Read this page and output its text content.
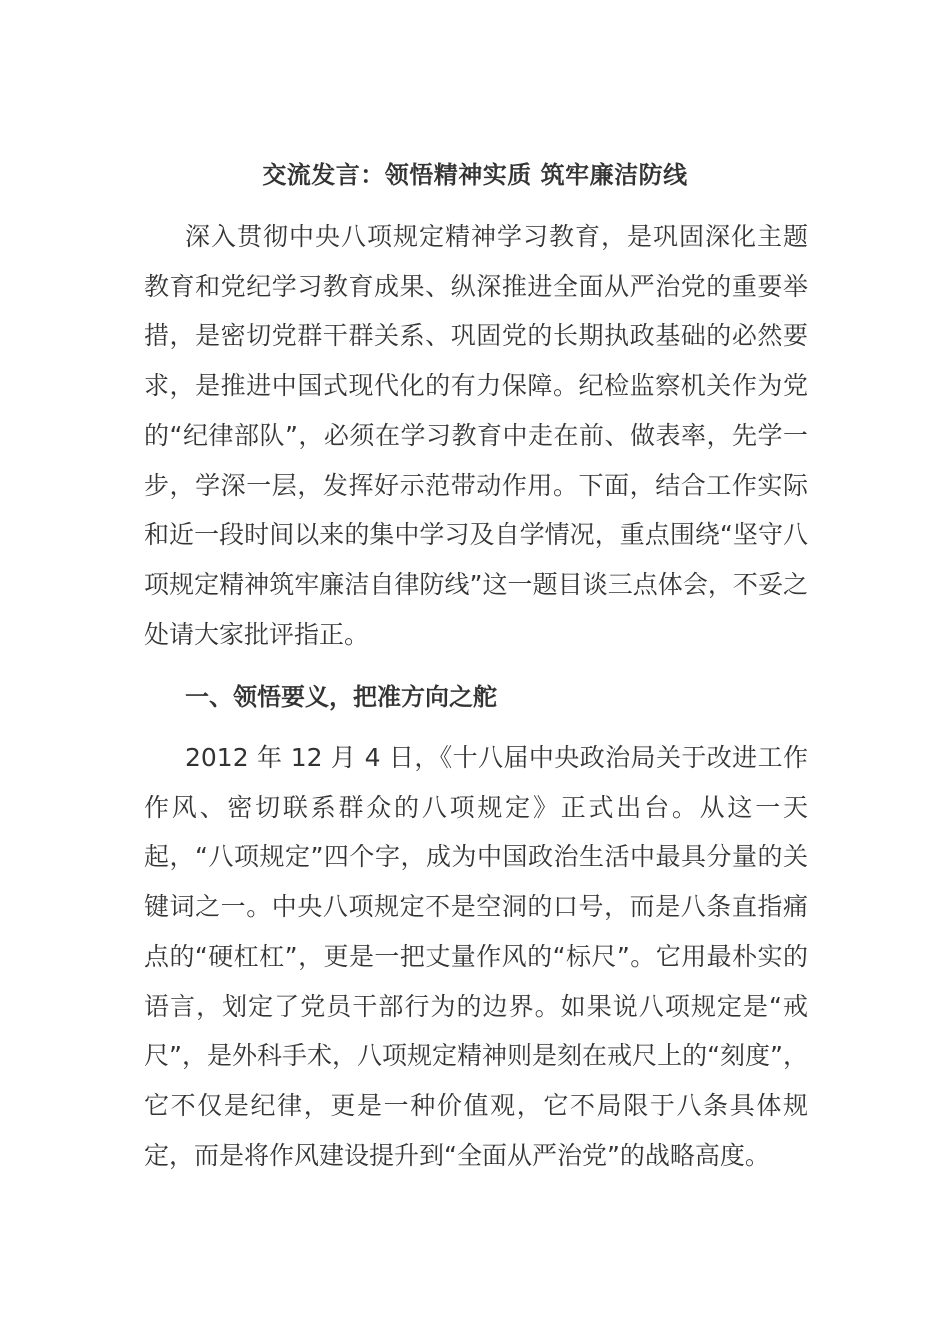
交流发言：领悟精神实质 筑牢廉洁防线

深入贯彻中央八项规定精神学习教育，是巩固深化主题教育和党纪学习教育成果、纵深推进全面从严治党的重要举措，是密切党群干群关系、巩固党的长期执政基础的必然要求，是推进中国式现代化的有力保障。纪检监察机关作为党的“纪律部队”，必须在学习教育中走在前、做表率，先学一步，学深一层，发挥好示范带动作用。下面，结合工作实际和近一段时间以来的集中学习及自学情况，重点围绕“坚守八项规定精神筑牢廉洁自律防线”这一题目谈三点体会，不妥之处请大家批评指正。

一、领悟要义，把准方向之舵

2012 年 12 月 4 日，《十八届中央政治局关于改进工作作风、密切联系群众的八项规定》正式出台。从这一天起，“八项规定”四个字，成为中国政治生活中最具分量的关键词之一。中央八项规定不是空洞的口号，而是八条直指痛点的“硬杠杠”，更是一把丈量作风的“标尺”。它用最朴实的语言，划定了党员干部行为的边界。如果说八项规定是“戒尺”，是外科手术，八项规定精神则是刻在戒尺上的“刻度”，它不仅是纪律，更是一种价值观，它不局限于八条具体规定，而是将作风建设提升到“全面从严治党”的战略高度。
